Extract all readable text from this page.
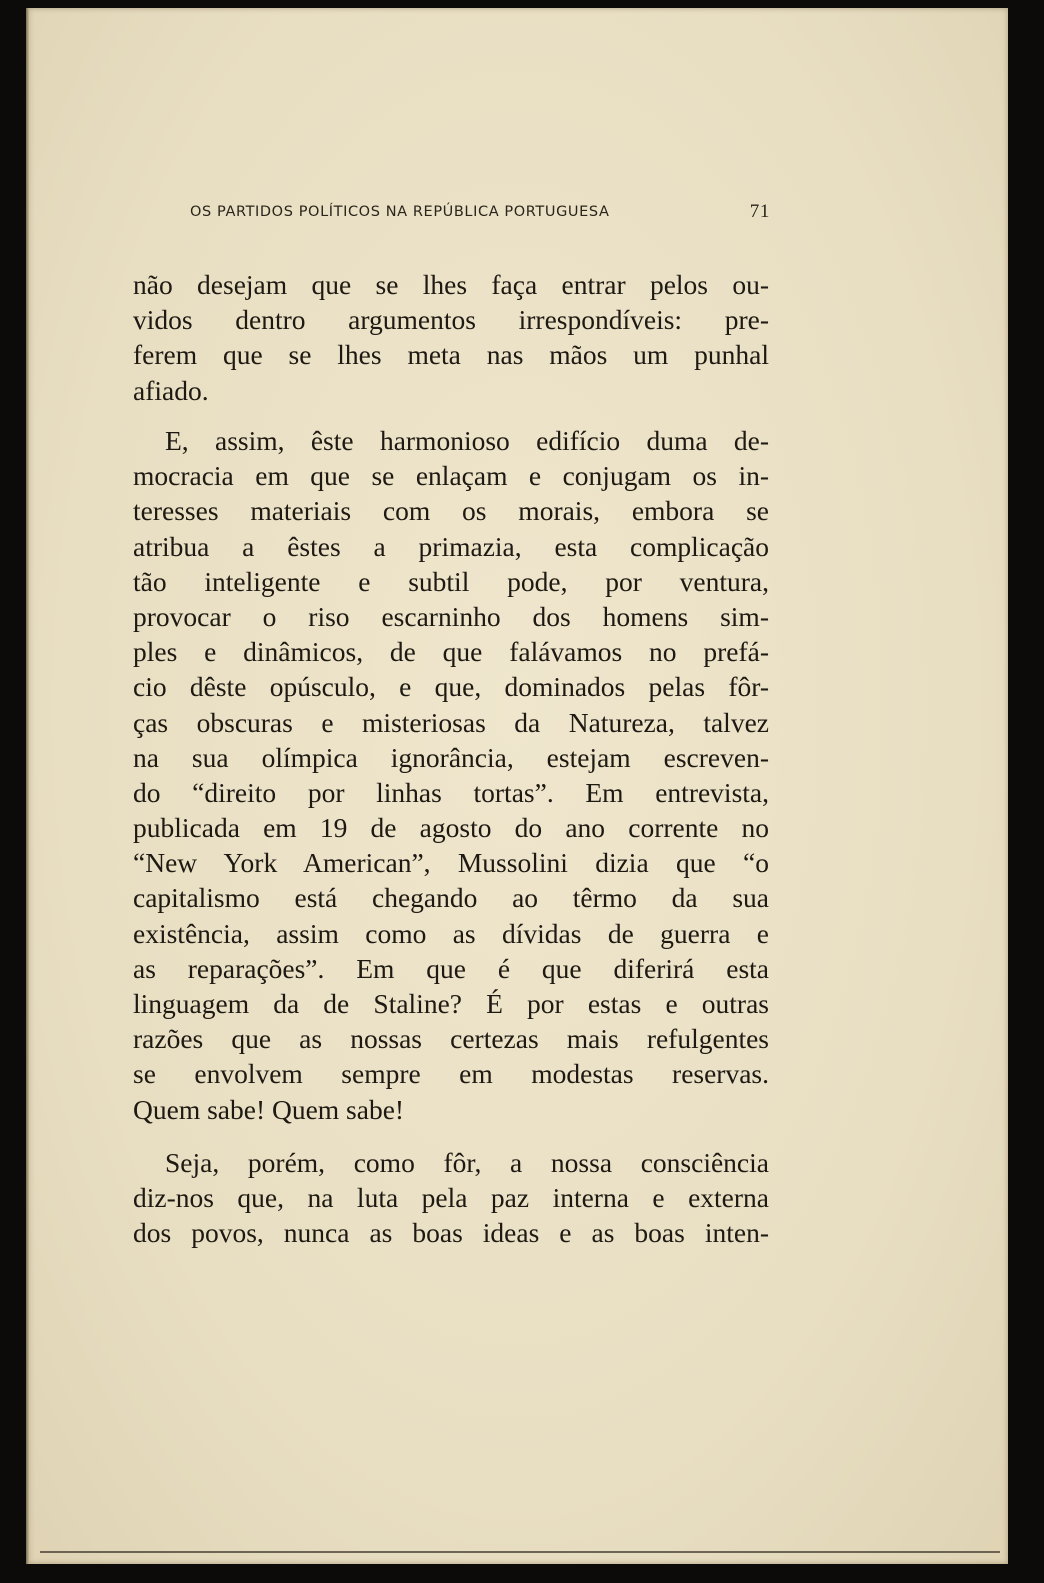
OS PARTIDOS POLÍTICOS NA REPÚBLICA PORTUGUESA	71
não desejam que se lhes faça entrar pelos ou-
vidos dentro argumentos irrespondíveis: pre-
ferem que se lhes meta nas mãos um punhal
afiado.
E, assim, êste harmonioso edifício duma de-
mocracia em que se enlaçam e conjugam os in-
teresses materiais com os morais, embora se
atribua a êstes a primazia, esta complicação
tão inteligente e subtil pode, por ventura,
provocar o riso escarninho dos homens sim-
ples e dinâmicos, de que falávamos no prefá-
cio dêste opúsculo, e que, dominados pelas fôr-
ças obscuras e misteriosas da Natureza, talvez
na sua olímpica ignorância, estejam escreven-
do “direito por linhas tortas”. Em entrevista,
publicada em 19 de agosto do ano corrente no
“New York American”, Mussolini dizia que “o
capitalismo está chegando ao têrmo da sua
existência, assim como as dívidas de guerra e
as reparações”. Em que é que diferirá esta
linguagem da de Staline? É por estas e outras
razões que as nossas certezas mais refulgentes
se envolvem sempre em modestas reservas.
Quem sabe! Quem sabe!
Seja, porém, como fôr, a nossa consciência
diz-nos que, na luta pela paz interna e externa
dos povos, nunca as boas ideas e as boas inten-
